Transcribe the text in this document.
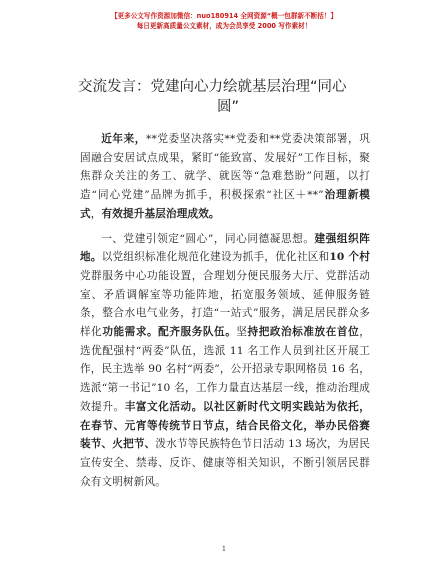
【更多公文写作资源加微信：nuo180914 全网资源“概一包群新不断括！】
每日更新高质量公文素材，成为会员享受 2000 写作素材！
交流发言：党建向心力绘就基层治理“同心
圆”

近年来，**党委坚决落实**党委和**党委决策部署，巩固融合安居试点成果，紧盯“能致富、发展好”工作目标，聚焦群众关注的务工、就学、就医等“急难愁盼”问题，以打造“同心党建”品牌为抓手，积极探索“社区＋**”治理新模式，有效提升基层治理成效。

一、党建引领定“圆心”，同心同德凝思想。建强组织阵地。以党组织标准化规范化建设为抓手，优化社区和10 个村党群服务中心功能设置，合理划分便民服务大厅、党群活动室、矛盾调解室等功能阵地，拓宽服务领域、延伸服务链条，整合水电气业务，打造“一站式”服务，满足居民群众多样化功能需求。配齐服务队伍。坚持把政治标准放在首位，选优配强村“两委”队伍，选派 11 名工作人员到社区开展工作，民主选举 90 名村“两委”，公开招录专职网格员 16 名，选派“第一书记”10 名，工作力量直达基层一线，推动治理成效提升。丰富文化活动。以社区新时代文明实践站为依托，在春节、元宵等传统节日节点，结合民俗文化，举办民俗赛装节、火把节、泼水节等民族特色节日活动 13 场次，为居民宣传安全、禁毒、反诈、健康等相关知识，不断引领居民群众有文明树新风。

1
